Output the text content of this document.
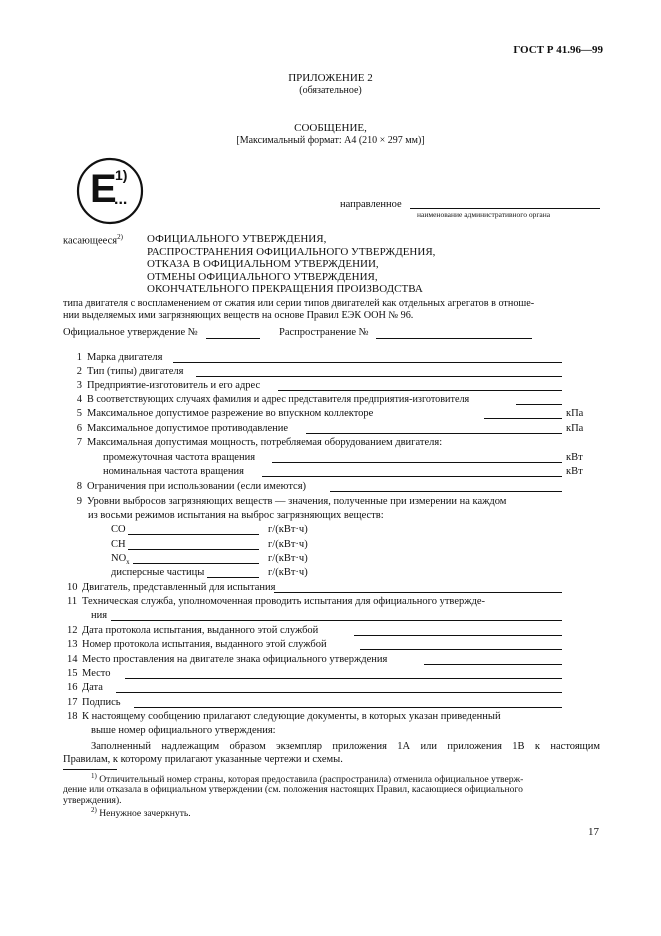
ГОСТ Р 41.96—99
ПРИЛОЖЕНИЕ 2
(обязательное)
СООБЩЕНИЕ,
[Максимальный формат: А4 (210 × 297 мм)]
E
1)
...	направленное
наименование административного органа
касающееся$^{2)}$ ОФИЦИАЛЬНОГО УТВЕРЖДЕНИЯ,
РАСПРОСТРАНЕНИЯ ОФИЦИАЛЬНОГО УТВЕРЖДЕНИЯ,
ОТКАЗА В ОФИЦИАЛЬНОМ УТВЕРЖДЕНИИ,
ОТМЕНЫ ОФИЦИАЛЬНОГО УТВЕРЖДЕНИЯ,
ОКОНЧАТЕЛЬНОГО ПРЕКРАЩЕНИЯ ПРОИЗВОДСТВА
типа двигателя с воспламенением от сжатия или серии типов двигателей как отдельных агрегатов в отноше-
нии выделяемых ими загрязняющих веществ на основе Правил ЕЭК ООН № 96.
Официальное утверждение №	Распространение №
1 Марка двигателя
2 Тип (типы) двигателя
3 Предприятие-изготовитель и его адрес
4 В соответствующих случаях фамилия и адрес представителя предприятия-изготовителя
5 Максимальное допустимое разрежение во впускном коллекторе	кПа
6 Максимальное допустимое противодавление	кПа
7 Максимальная допустимая мощность, потребляемая оборудованием двигателя:
промежуточная частота вращения	кВт
номинальная частота вращения	кВт
8 Ограничения при использовании (если имеются)
9 Уровни выбросов загрязняющих веществ — значения, полученные при измерении на каждом
из восьми режимов испытания на выброс загрязняющих веществ:
CO	г/(кВт·ч)
CH	г/(кВт·ч)
$NO_x$	г/(кВт·ч)
дисперсные частицы	г/(кВт·ч)
10 Двигатель, представленный для испытания
11 Техническая служба, уполномоченная проводить испытания для официального утвержде-
ния
12 Дата протокола испытания, выданного этой службой
13 Номер протокола испытания, выданного этой службой
14 Место проставления на двигателе знака официального утверждения
15 Место
16 Дата
17 Подпись
18 К настоящему сообщению прилагают следующие документы, в которых указан приведенный
выше номер официального утверждения:
Заполненный надлежащим образом экземпляр приложения 1А или приложения 1В к настоящим
Правилам, к которому прилагают указанные чертежи и схемы.
$^{1)}$ Отличительный номер страны, которая предоставила (распространила) отменила официальное утверж-
дение или отказала в официальном утверждении (см. положения настоящих Правил, касающиеся официального
утверждения).
$^{2)}$ Ненужное зачеркнуть.
17
